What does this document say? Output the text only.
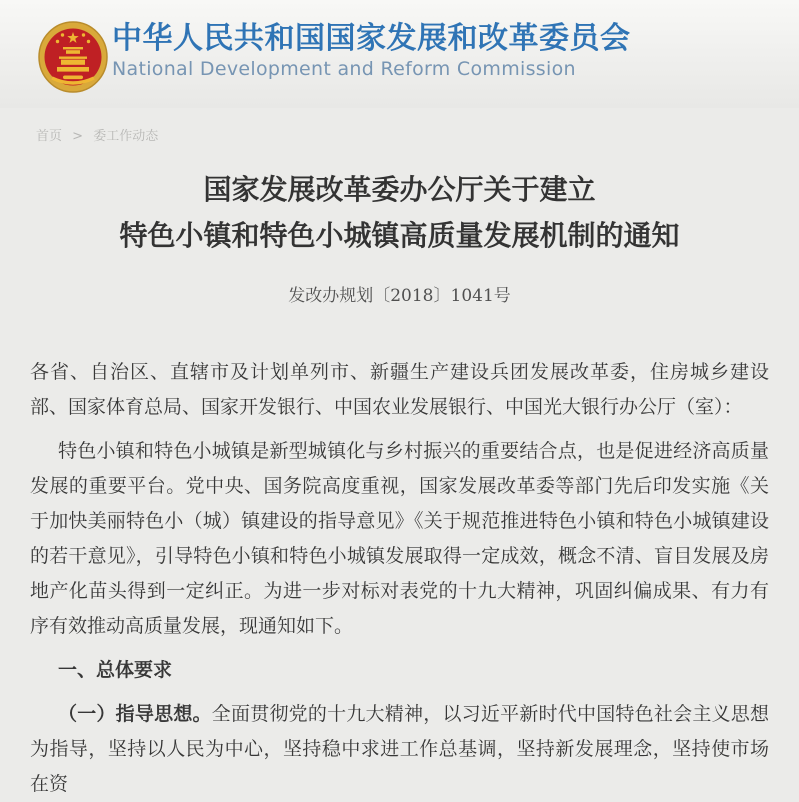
中华人民共和国国家发展和改革委员会
National Development and Reform Commission
首页 > 委工作动态
国家发展改革委办公厅关于建立
特色小镇和特色小城镇高质量发展机制的通知
发改办规划〔2018〕1041号

各省、自治区、直辖市及计划单列市、新疆生产建设兵团发展改革委，住房城乡建设部、国家体育总局、国家开发银行、中国农业发展银行、中国光大银行办公厅（室）：

特色小镇和特色小城镇是新型城镇化与乡村振兴的重要结合点，也是促进经济高质量发展的重要平台。党中央、国务院高度重视，国家发展改革委等部门先后印发实施《关于加快美丽特色小（城）镇建设的指导意见》《关于规范推进特色小镇和特色小城镇建设的若干意见》，引导特色小镇和特色小城镇发展取得一定成效，概念不清、盲目发展及房地产化苗头得到一定纠正。为进一步对标对表党的十九大精神，巩固纠偏成果、有力有序有效推动高质量发展，现通知如下。

一、总体要求

（一）指导思想。全面贯彻党的十九大精神，以习近平新时代中国特色社会主义思想为指导，坚持以人民为中心，坚持稳中求进工作总基调，坚持新发展理念，坚持使市场在资
